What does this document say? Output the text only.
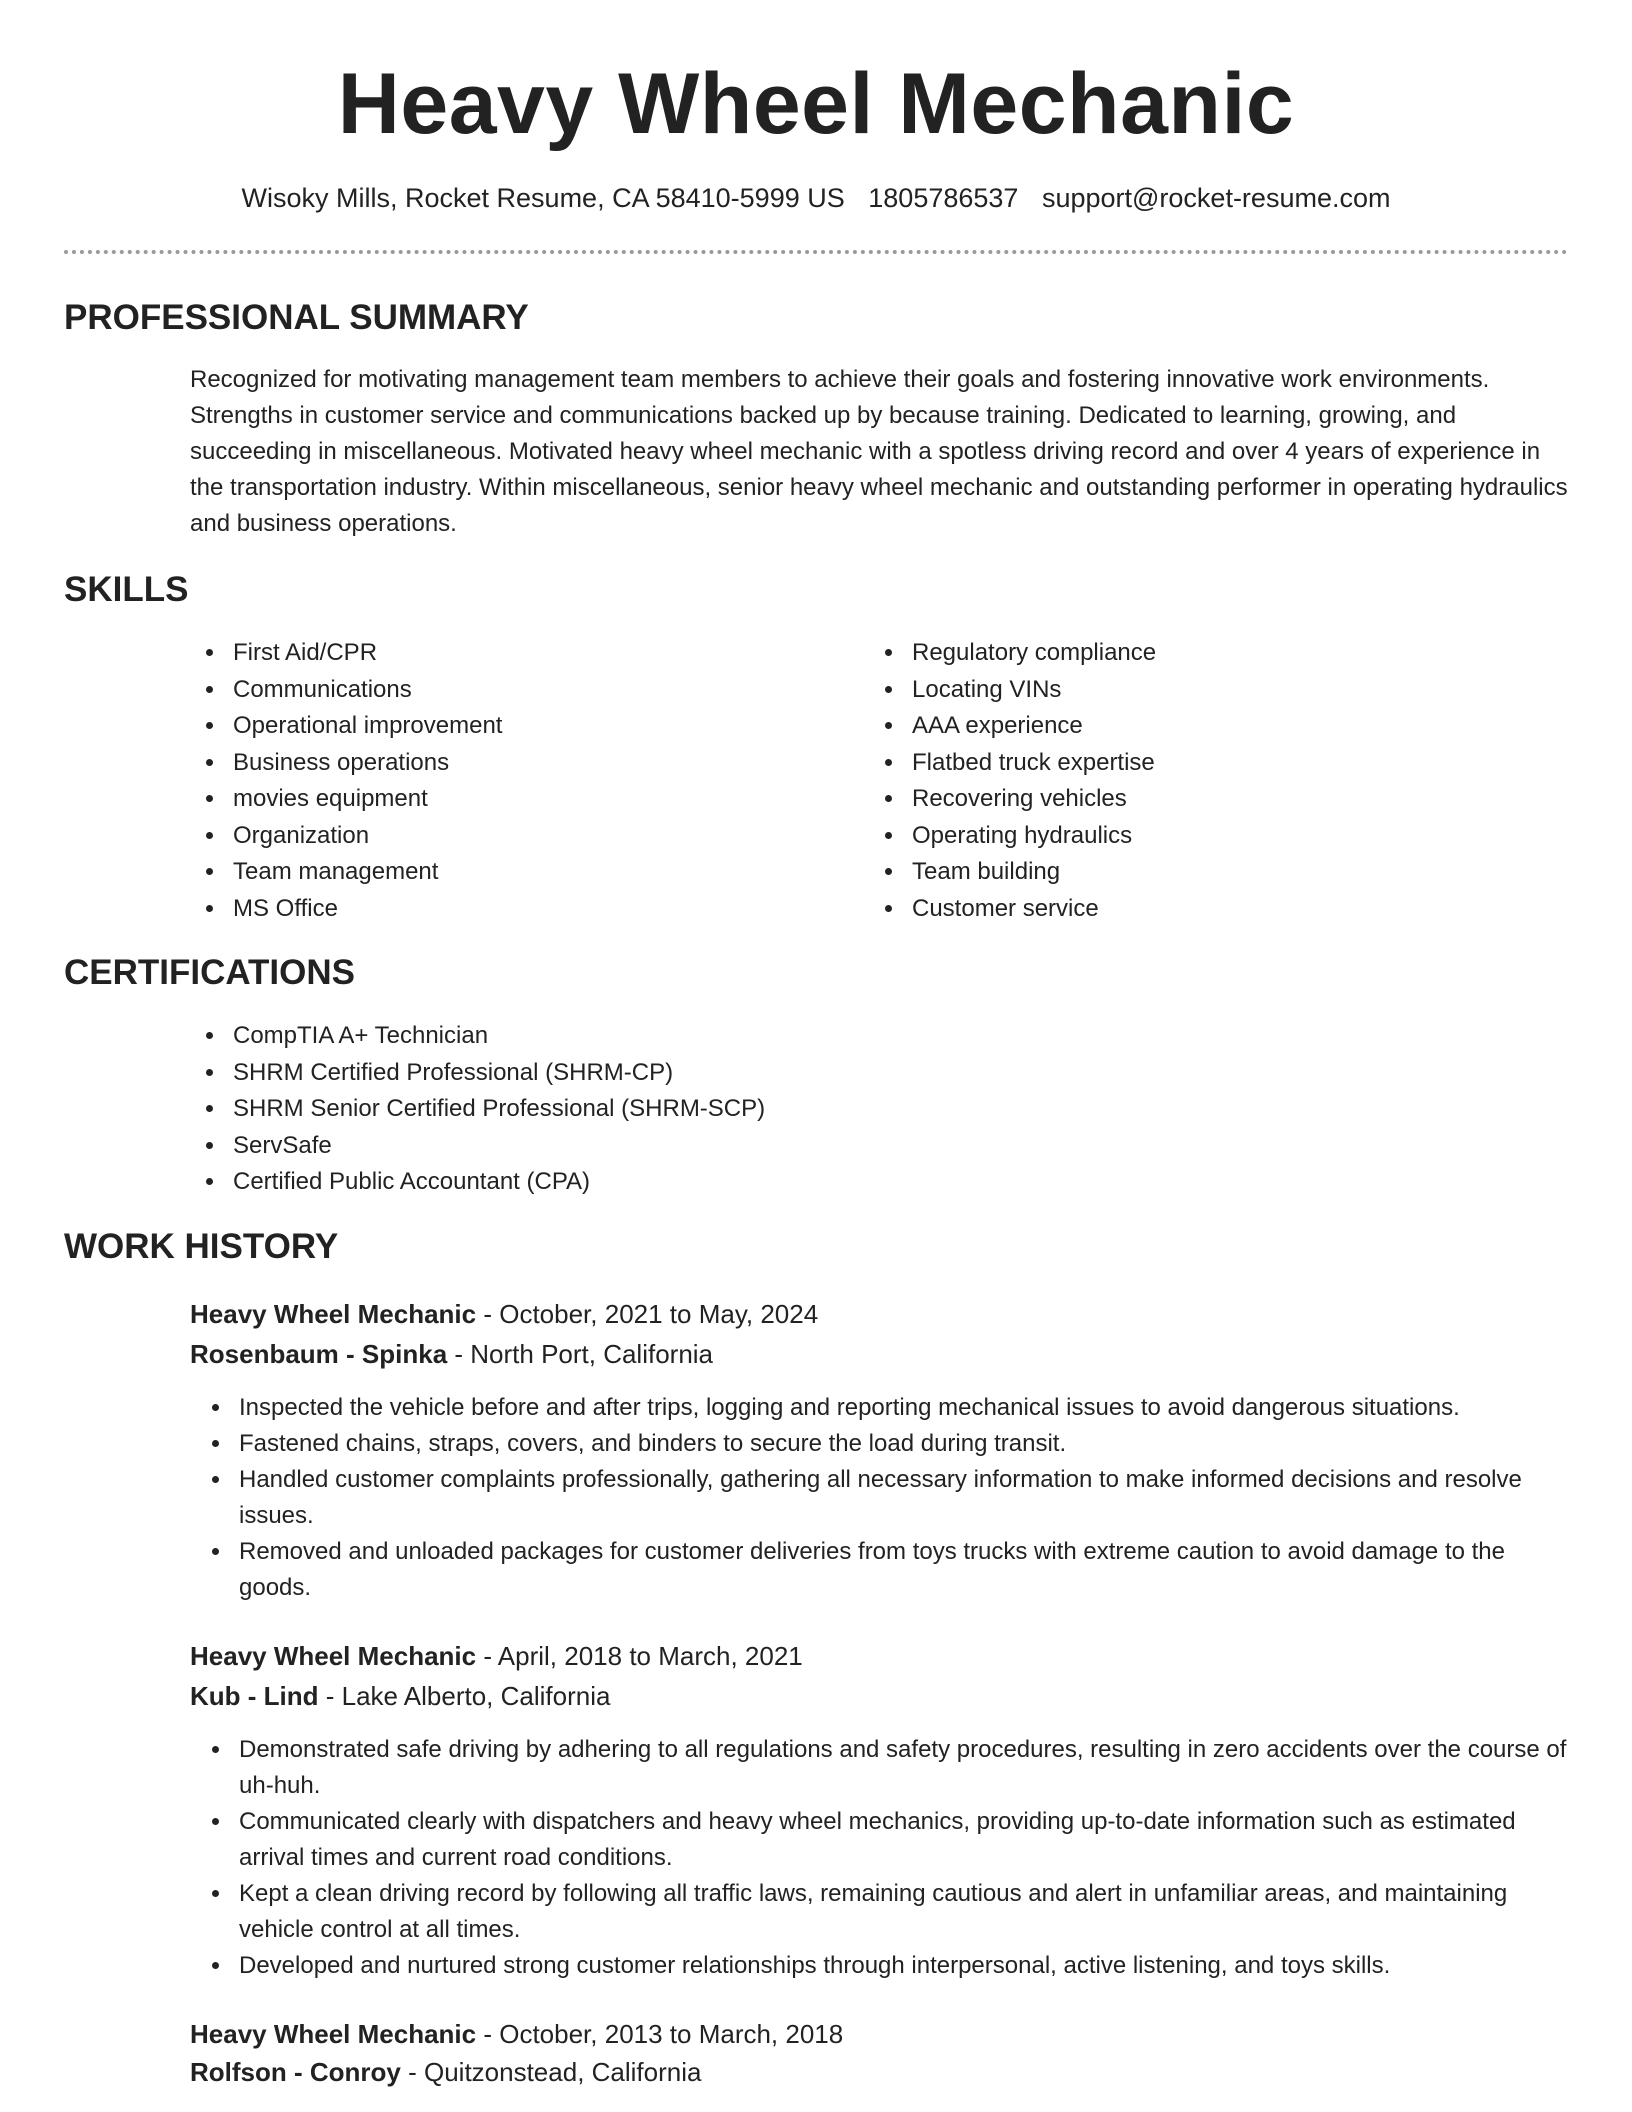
Heavy Wheel Mechanic
Wisoky Mills, Rocket Resume, CA 58410-5999 US 1805786537 support@rocket-resume.com
PROFESSIONAL SUMMARY
Recognized for motivating management team members to achieve their goals and fostering innovative work environments. Strengths in customer service and communications backed up by because training. Dedicated to learning, growing, and succeeding in miscellaneous. Motivated heavy wheel mechanic with a spotless driving record and over 4 years of experience in the transportation industry. Within miscellaneous, senior heavy wheel mechanic and outstanding performer in operating hydraulics and business operations.
SKILLS
• First Aid/CPR
• Communications
• Operational improvement
• Business operations
• movies equipment
• Organization
• Team management
• MS Office
• Regulatory compliance
• Locating VINs
• AAA experience
• Flatbed truck expertise
• Recovering vehicles
• Operating hydraulics
• Team building
• Customer service
CERTIFICATIONS
• CompTIA A+ Technician
• SHRM Certified Professional (SHRM-CP)
• SHRM Senior Certified Professional (SHRM-SCP)
• ServSafe
• Certified Public Accountant (CPA)
WORK HISTORY
Heavy Wheel Mechanic - October, 2021 to May, 2024
Rosenbaum - Spinka - North Port, California
• Inspected the vehicle before and after trips, logging and reporting mechanical issues to avoid dangerous situations.
• Fastened chains, straps, covers, and binders to secure the load during transit.
• Handled customer complaints professionally, gathering all necessary information to make informed decisions and resolve issues.
• Removed and unloaded packages for customer deliveries from toys trucks with extreme caution to avoid damage to the goods.
Heavy Wheel Mechanic - April, 2018 to March, 2021
Kub - Lind - Lake Alberto, California
• Demonstrated safe driving by adhering to all regulations and safety procedures, resulting in zero accidents over the course of uh-huh.
• Communicated clearly with dispatchers and heavy wheel mechanics, providing up-to-date information such as estimated arrival times and current road conditions.
• Kept a clean driving record by following all traffic laws, remaining cautious and alert in unfamiliar areas, and maintaining vehicle control at all times.
• Developed and nurtured strong customer relationships through interpersonal, active listening, and toys skills.
Heavy Wheel Mechanic - October, 2013 to March, 2018
Rolfson - Conroy - Quitzonstead, California
